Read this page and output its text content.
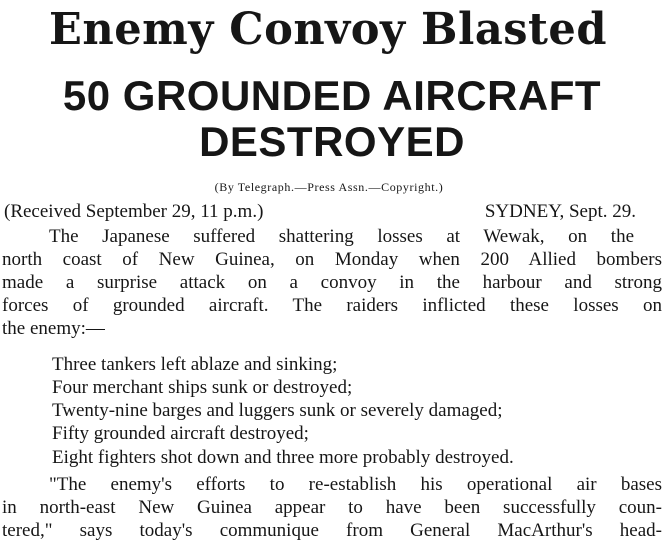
Enemy Convoy Blasted
50 GROUNDED AIRCRAFT
DESTROYED
(By Telegraph.—Press Assn.—Copyright.)
(Received September 29, 11 p.m.)	SYDNEY, Sept. 29.
The Japanese suffered shattering losses at Wewak, on the
north coast of New Guinea, on Monday when 200 Allied bombers
made a surprise attack on a convoy in the harbour and strong
forces of grounded aircraft. The raiders inflicted these losses on
the enemy:—
Three tankers left ablaze and sinking;
Four merchant ships sunk or destroyed;
Twenty-nine barges and luggers sunk or severely damaged;
Fifty grounded aircraft destroyed;
Eight fighters shot down and three more probably destroyed.
"The enemy's efforts to re-establish his operational air bases
in north-east New Guinea appear to have been successfully coun-
tered," says today's communique from General MacArthur's head-
